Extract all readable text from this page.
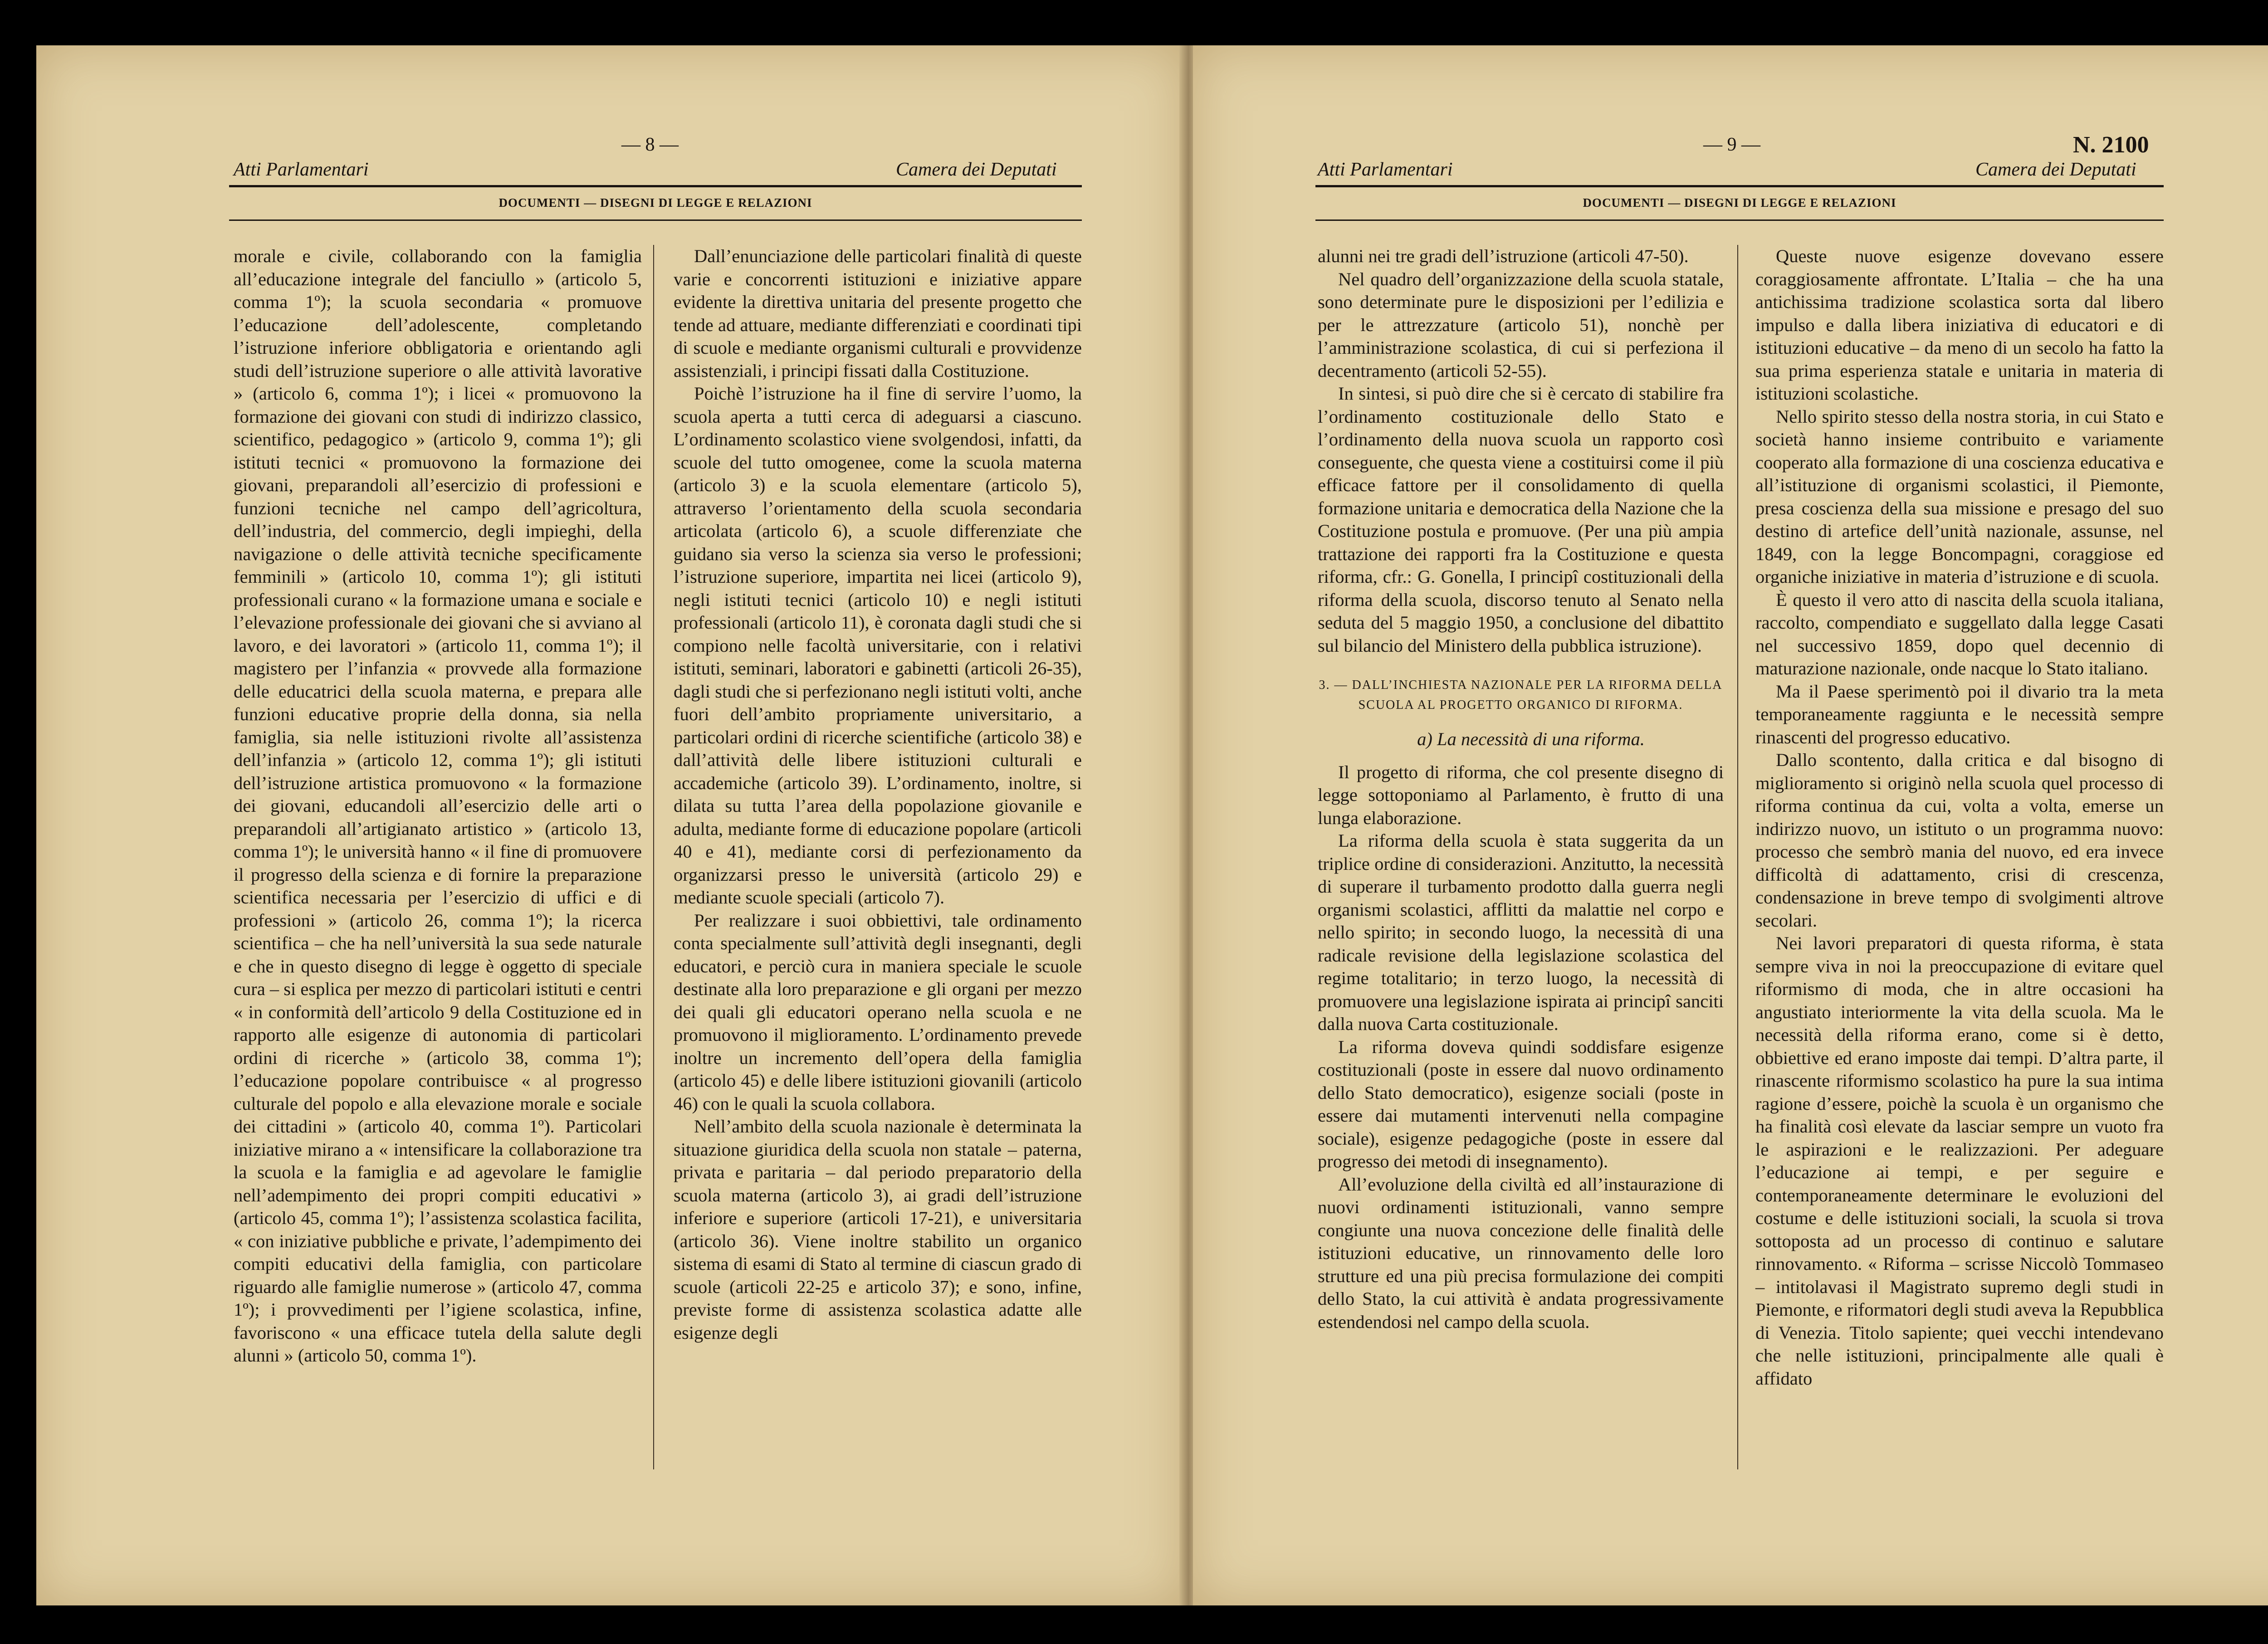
Atti Parlamentari
— 8 —
Camera dei Deputati
DOCUMENTI — DISEGNI DI LEGGE E RELAZIONI

morale e civile, collaborando con la famiglia all’educazione integrale del fanciullo » (articolo 5, comma 1º); la scuola secondaria « promuove l’educazione dell’adolescente, completando l’istruzione inferiore obbligatoria e orientando agli studi dell’istruzione superiore o alle attività lavorative » (articolo 6, comma 1º); i licei « promuovono la formazione dei giovani con studi di indirizzo classico, scientifico, pedagogico » (articolo 9, comma 1º); gli istituti tecnici « promuovono la formazione dei giovani, preparandoli all’esercizio di professioni e funzioni tecniche nel campo dell’agricoltura, dell’industria, del commercio, degli impieghi, della navigazione o delle attività tecniche specificamente femminili » (articolo 10, comma 1º); gli istituti professionali curano « la formazione umana e sociale e l’elevazione professionale dei giovani che si avviano al lavoro, e dei lavoratori » (articolo 11, comma 1º); il magistero per l’infanzia « provvede alla formazione delle educatrici della scuola materna, e prepara alle funzioni educative proprie della donna, sia nella famiglia, sia nelle istituzioni rivolte all’assistenza dell’infanzia » (articolo 12, comma 1º); gli istituti dell’istruzione artistica promuovono « la formazione dei giovani, educandoli all’esercizio delle arti o preparandoli all’artigianato artistico » (articolo 13, comma 1º); le università hanno « il fine di promuovere il progresso della scienza e di fornire la preparazione scientifica necessaria per l’esercizio di uffici e di professioni » (articolo 26, comma 1º); la ricerca scientifica – che ha nell’università la sua sede naturale e che in questo disegno di legge è oggetto di speciale cura – si esplica per mezzo di particolari istituti e centri « in conformità dell’articolo 9 della Costituzione ed in rapporto alle esigenze di autonomia di particolari ordini di ricerche » (articolo 38, comma 1º); l’educazione popolare contribuisce « al progresso culturale del popolo e alla elevazione morale e sociale dei cittadini » (articolo 40, comma 1º). Particolari iniziative mirano a « intensificare la collaborazione tra la scuola e la famiglia e ad agevolare le famiglie nell’adempimento dei propri compiti educativi » (articolo 45, comma 1º); l’assistenza scolastica facilita, « con iniziative pubbliche e private, l’adempimento dei compiti educativi della famiglia, con particolare riguardo alle famiglie numerose » (articolo 47, comma 1º); i provvedimenti per l’igiene scolastica, infine, favoriscono « una efficace tutela della salute degli alunni » (articolo 50, comma 1º).

Dall’enunciazione delle particolari finalità di queste varie e concorrenti istituzioni e iniziative appare evidente la direttiva unitaria del presente progetto che tende ad attuare, mediante differenziati e coordinati tipi di scuole e mediante organismi culturali e provvidenze assistenziali, i principi fissati dalla Costituzione.

Poichè l’istruzione ha il fine di servire l’uomo, la scuola aperta a tutti cerca di adeguarsi a ciascuno. L’ordinamento scolastico viene svolgendosi, infatti, da scuole del tutto omogenee, come la scuola materna (articolo 3) e la scuola elementare (articolo 5), attraverso l’orientamento della scuola secondaria articolata (articolo 6), a scuole differenziate che guidano sia verso la scienza sia verso le professioni; l’istruzione superiore, impartita nei licei (articolo 9), negli istituti tecnici (articolo 10) e negli istituti professionali (articolo 11), è coronata dagli studi che si compiono nelle facoltà universitarie, con i relativi istituti, seminari, laboratori e gabinetti (articoli 26-35), dagli studi che si perfezionano negli istituti volti, anche fuori dell’ambito propriamente universitario, a particolari ordini di ricerche scientifiche (articolo 38) e dall’attività delle libere istituzioni culturali e accademiche (articolo 39). L’ordinamento, inoltre, si dilata su tutta l’area della popolazione giovanile e adulta, mediante forme di educazione popolare (articoli 40 e 41), mediante corsi di perfezionamento da organizzarsi presso le università (articolo 29) e mediante scuole speciali (articolo 7).

Per realizzare i suoi obbiettivi, tale ordinamento conta specialmente sull’attività degli insegnanti, degli educatori, e perciò cura in maniera speciale le scuole destinate alla loro preparazione e gli organi per mezzo dei quali gli educatori operano nella scuola e ne promuovono il miglioramento. L’ordinamento prevede inoltre un incremento dell’opera della famiglia (articolo 45) e delle libere istituzioni giovanili (articolo 46) con le quali la scuola collabora.

Nell’ambito della scuola nazionale è determinata la situazione giuridica della scuola non statale – paterna, privata e paritaria – dal periodo preparatorio della scuola materna (articolo 3), ai gradi dell’istruzione inferiore e superiore (articoli 17-21), e universitaria (articolo 36). Viene inoltre stabilito un organico sistema di esami di Stato al termine di ciascun grado di scuole (articoli 22-25 e articolo 37); e sono, infine, previste forme di assistenza scolastica adatte alle esigenze degli

Atti Parlamentari
— 9 —	N. 2100
Camera dei Deputati
DOCUMENTI — DISEGNI DI LEGGE E RELAZIONI

alunni nei tre gradi dell’istruzione (articoli 47-50).

Nel quadro dell’organizzazione della scuola statale, sono determinate pure le disposizioni per l’edilizia e per le attrezzature (articolo 51), nonchè per l’amministrazione scolastica, di cui si perfeziona il decentramento (articoli 52-55).

In sintesi, si può dire che si è cercato di stabilire fra l’ordinamento costituzionale dello Stato e l’ordinamento della nuova scuola un rapporto così conseguente, che questa viene a costituirsi come il più efficace fattore per il consolidamento di quella formazione unitaria e democratica della Nazione che la Costituzione postula e promuove. (Per una più ampia trattazione dei rapporti fra la Costituzione e questa riforma, cfr.: G. Gonella, I principî costituzionali della riforma della scuola, discorso tenuto al Senato nella seduta del 5 maggio 1950, a conclusione del dibattito sul bilancio del Ministero della pubblica istruzione).

3. — DALL’INCHIESTA NAZIONALE PER LA RIFORMA DELLA SCUOLA AL PROGETTO ORGANICO DI RIFORMA.

a) La necessità di una riforma.

Il progetto di riforma, che col presente disegno di legge sottoponiamo al Parlamento, è frutto di una lunga elaborazione.

La riforma della scuola è stata suggerita da un triplice ordine di considerazioni. Anzitutto, la necessità di superare il turbamento prodotto dalla guerra negli organismi scolastici, afflitti da malattie nel corpo e nello spirito; in secondo luogo, la necessità di una radicale revisione della legislazione scolastica del regime totalitario; in terzo luogo, la necessità di promuovere una legislazione ispirata ai principî sanciti dalla nuova Carta costituzionale.

La riforma doveva quindi soddisfare esigenze costituzionali (poste in essere dal nuovo ordinamento dello Stato democratico), esigenze sociali (poste in essere dai mutamenti intervenuti nella compagine sociale), esigenze pedagogiche (poste in essere dal progresso dei metodi di insegnamento).

All’evoluzione della civiltà ed all’instaurazione di nuovi ordinamenti istituzionali, vanno sempre congiunte una nuova concezione delle finalità delle istituzioni educative, un rinnovamento delle loro strutture ed una più precisa formulazione dei compiti dello Stato, la cui attività è andata progressivamente estendendosi nel campo della scuola.

Queste nuove esigenze dovevano essere coraggiosamente affrontate. L’Italia – che ha una antichissima tradizione scolastica sorta dal libero impulso e dalla libera iniziativa di educatori e di istituzioni educative – da meno di un secolo ha fatto la sua prima esperienza statale e unitaria in materia di istituzioni scolastiche.

Nello spirito stesso della nostra storia, in cui Stato e società hanno insieme contribuito e variamente cooperato alla formazione di una coscienza educativa e all’istituzione di organismi scolastici, il Piemonte, presa coscienza della sua missione e presago del suo destino di artefice dell’unità nazionale, assunse, nel 1849, con la legge Boncompagni, coraggiose ed organiche iniziative in materia d’istruzione e di scuola.

È questo il vero atto di nascita della scuola italiana, raccolto, compendiato e suggellato dalla legge Casati nel successivo 1859, dopo quel decennio di maturazione nazionale, onde nacque lo Stato italiano.

Ma il Paese sperimentò poi il divario tra la meta temporaneamente raggiunta e le necessità sempre rinascenti del progresso educativo.

Dallo scontento, dalla critica e dal bisogno di miglioramento si originò nella scuola quel processo di riforma continua da cui, volta a volta, emerse un indirizzo nuovo, un istituto o un programma nuovo: processo che sembrò mania del nuovo, ed era invece difficoltà di adattamento, crisi di crescenza, condensazione in breve tempo di svolgimenti altrove secolari.

Nei lavori preparatori di questa riforma, è stata sempre viva in noi la preoccupazione di evitare quel riformismo di moda, che in altre occasioni ha angustiato interiormente la vita della scuola. Ma le necessità della riforma erano, come si è detto, obbiettive ed erano imposte dai tempi. D’altra parte, il rinascente riformismo scolastico ha pure la sua intima ragione d’essere, poichè la scuola è un organismo che ha finalità così elevate da lasciar sempre un vuoto fra le aspirazioni e le realizzazioni. Per adeguare l’educazione ai tempi, e per seguire e contemporaneamente determinare le evoluzioni del costume e delle istituzioni sociali, la scuola si trova sottoposta ad un processo di continuo e salutare rinnovamento. « Riforma – scrisse Niccolò Tommaseo – intitolavasi il Magistrato supremo degli studi in Piemonte, e riformatori degli studi aveva la Repubblica di Venezia. Titolo sapiente; quei vecchi intendevano che nelle istituzioni, principalmente alle quali è affidato
